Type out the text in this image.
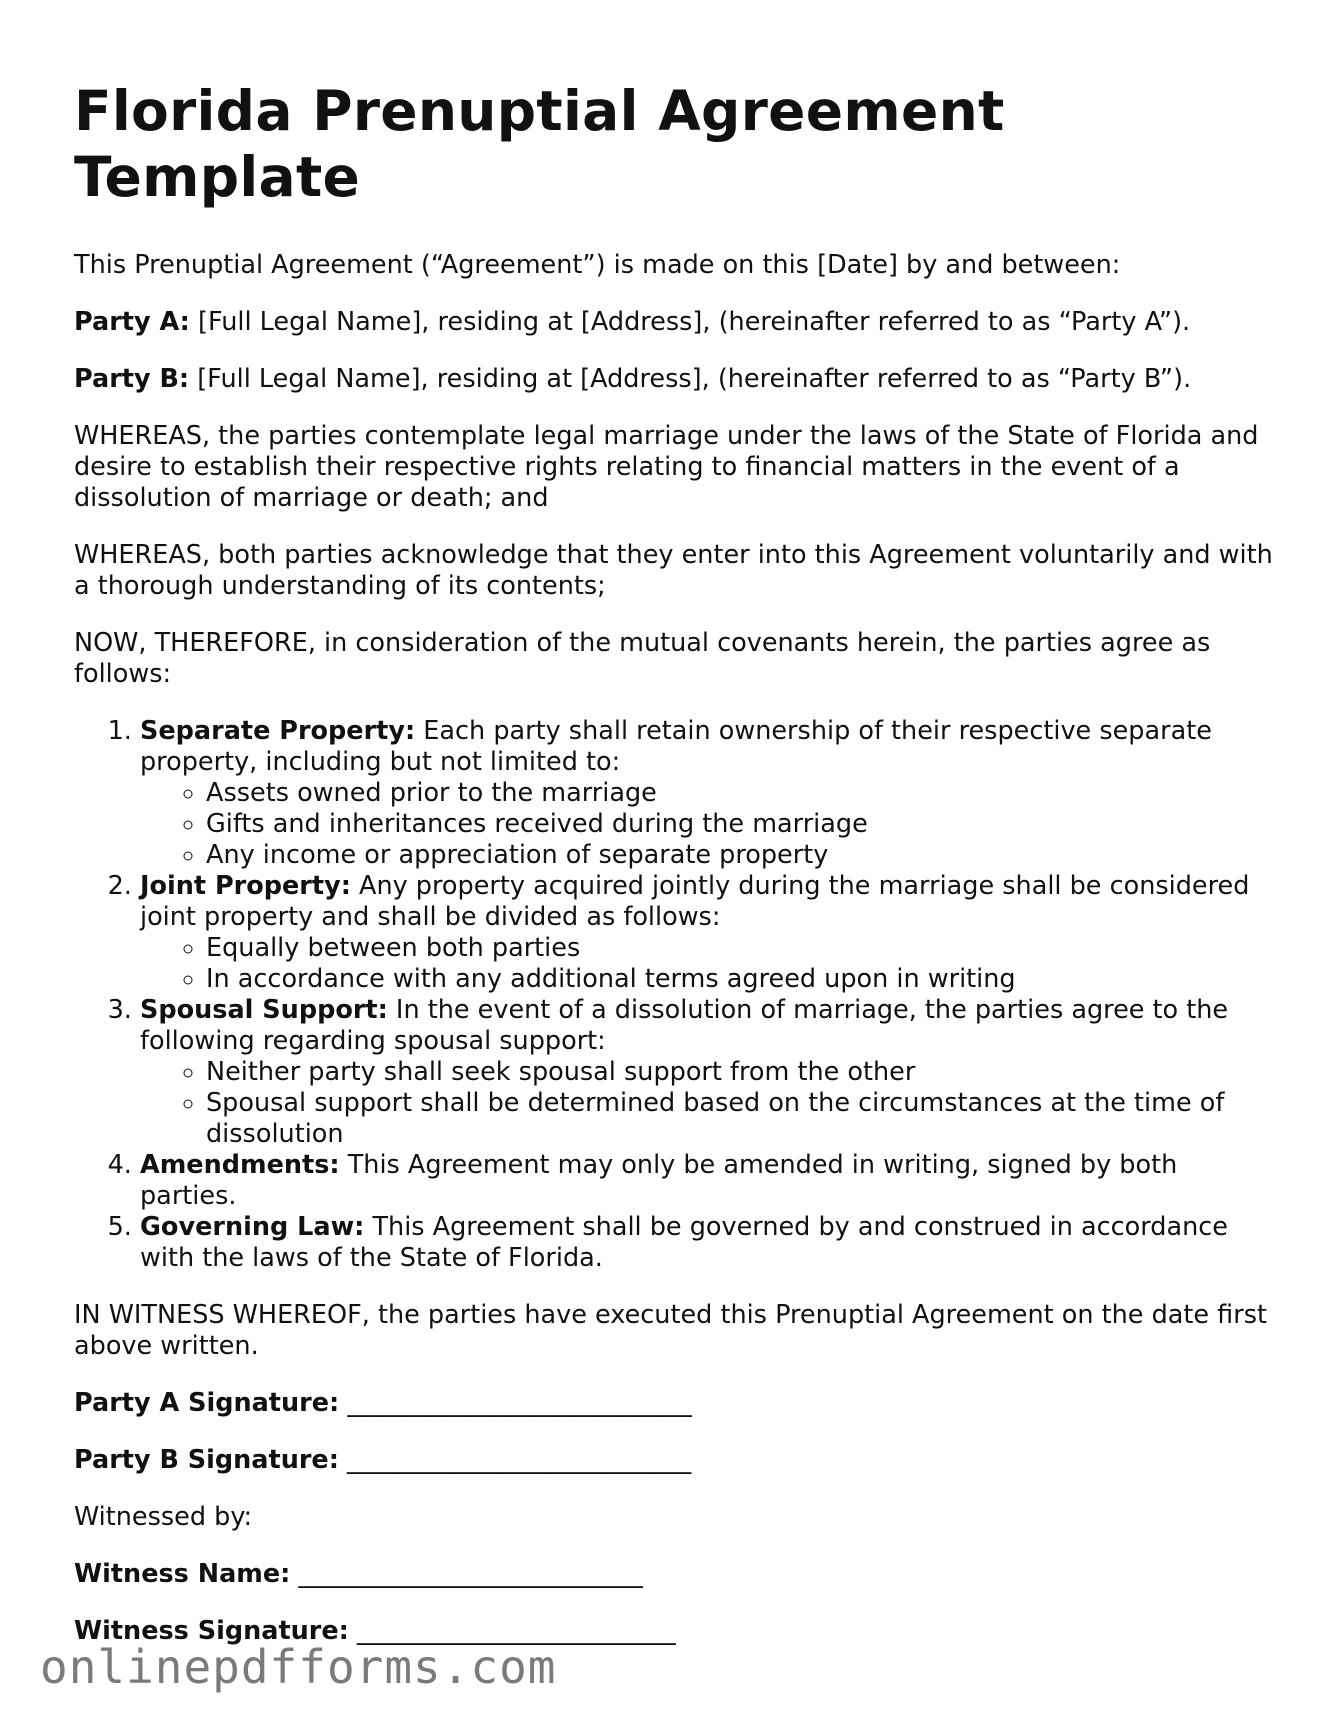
Florida Prenuptial Agreement Template

This Prenuptial Agreement (“Agreement”) is made on this [Date] by and between:

Party A: [Full Legal Name], residing at [Address], (hereinafter referred to as “Party A”).

Party B: [Full Legal Name], residing at [Address], (hereinafter referred to as “Party B”).

WHEREAS, the parties contemplate legal marriage under the laws of the State of Florida and desire to establish their respective rights relating to financial matters in the event of a dissolution of marriage or death; and

WHEREAS, both parties acknowledge that they enter into this Agreement voluntarily and with a thorough understanding of its contents;

NOW, THEREFORE, in consideration of the mutual covenants herein, the parties agree as follows:

1. Separate Property: Each party shall retain ownership of their respective separate property, including but not limited to:
◦ Assets owned prior to the marriage
◦ Gifts and inheritances received during the marriage
◦ Any income or appreciation of separate property
2. Joint Property: Any property acquired jointly during the marriage shall be considered joint property and shall be divided as follows:
◦ Equally between both parties
◦ In accordance with any additional terms agreed upon in writing
3. Spousal Support: In the event of a dissolution of marriage, the parties agree to the following regarding spousal support:
◦ Neither party shall seek spousal support from the other
◦ Spousal support shall be determined based on the circumstances at the time of dissolution
4. Amendments: This Agreement may only be amended in writing, signed by both parties.
5. Governing Law: This Agreement shall be governed by and construed in accordance with the laws of the State of Florida.

IN WITNESS WHEREOF, the parties have executed this Prenuptial Agreement on the date first above written.

Party A Signature: ___________________________

Party B Signature: ___________________________

Witnessed by:

Witness Name: ___________________________

Witness Signature: _________________________

onlinepdfforms.com
